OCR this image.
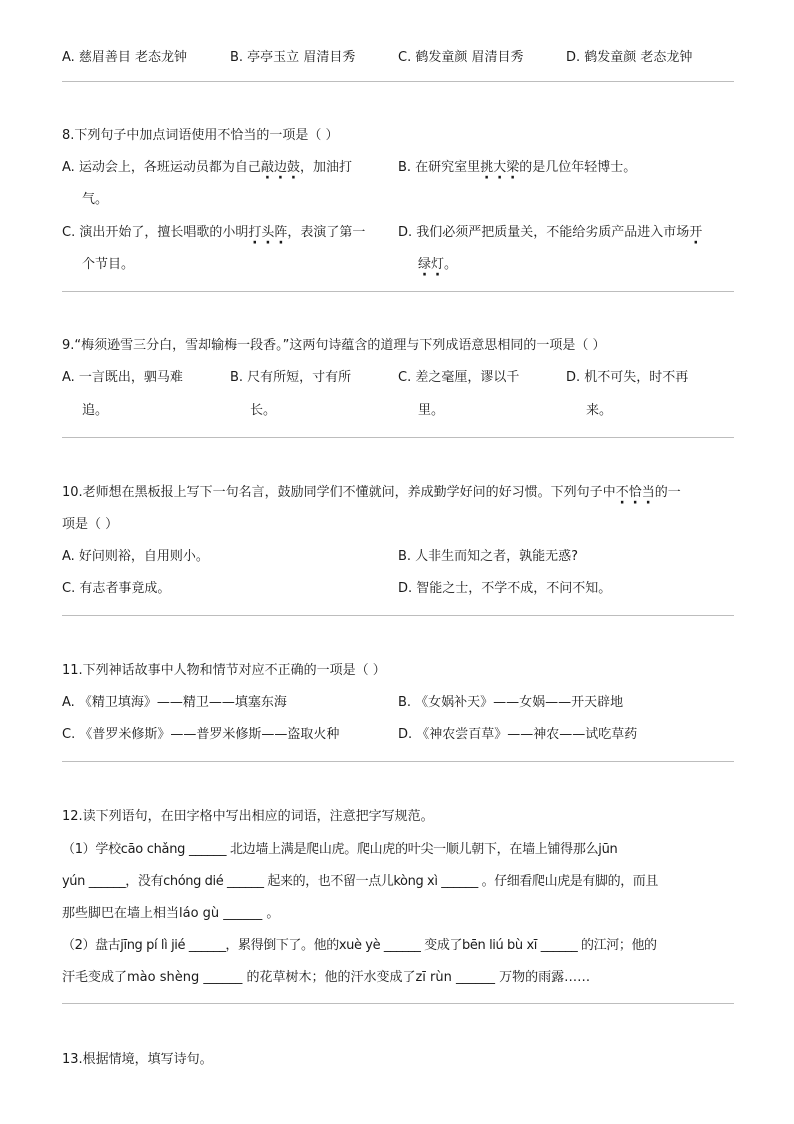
A. 慈眉善目 老态龙钟	B. 亭亭玉立 眉清目秀	C. 鹤发童颜 眉清目秀	D. 鹤发童颜 老态龙钟
8.下列句子中加点词语使用不恰当的一项是（ ）
A. 运动会上，各班运动员都为自己敲边鼓，加油打
气。
B. 在研究室里挑大梁的是几位年轻博士。
C. 演出开始了，擅长唱歌的小明打头阵，表演了第一
个节目。
D. 我们必须严把质量关，不能给劣质产品进入市场开
绿灯。
9.“梅须逊雪三分白，雪却输梅一段香。”这两句诗蕴含的道理与下列成语意思相同的一项是（ ）
A. 一言既出，驷马难
追。
B. 尺有所短，寸有所
长。
C. 差之毫厘，谬以千
里。
D. 机不可失，时不再
来。
10.老师想在黑板报上写下一句名言，鼓励同学们不懂就问，养成勤学好问的好习惯。下列句子中不恰当的一
项是（ ）
A. 好问则裕，自用则小。	B. 人非生而知之者，孰能无惑?
C. 有志者事竟成。	D. 智能之士，不学不成，不问不知。
11.下列神话故事中人物和情节对应不正确的一项是（ ）
A. 《精卫填海》——精卫——填塞东海	B. 《女娲补天》——女娲——开天辟地
C. 《普罗米修斯》——普罗米修斯——盗取火种	D. 《神农尝百草》——神农——试吃草药
12.读下列语句，在田字格中写出相应的词语，注意把字写规范。
（1）学校cāo chǎng ______ 北边墙上满是爬山虎。爬山虎的叶尖一顺儿朝下，在墙上铺得那么jūn
yún ______，没有chóng dié ______ 起来的，也不留一点儿kòng xì ______ 。仔细看爬山虎是有脚的，而且
那些脚巴在墙上相当láo gù ______ 。
（2）盘古jīng pí lì jié ______，累得倒下了。他的xuè yè ______ 变成了bēn liú bù xī ______ 的江河；他的
汗毛变成了mào shèng ______ 的花草树木；他的汗水变成了zī rùn ______ 万物的雨露……
13.根据情境，填写诗句。
